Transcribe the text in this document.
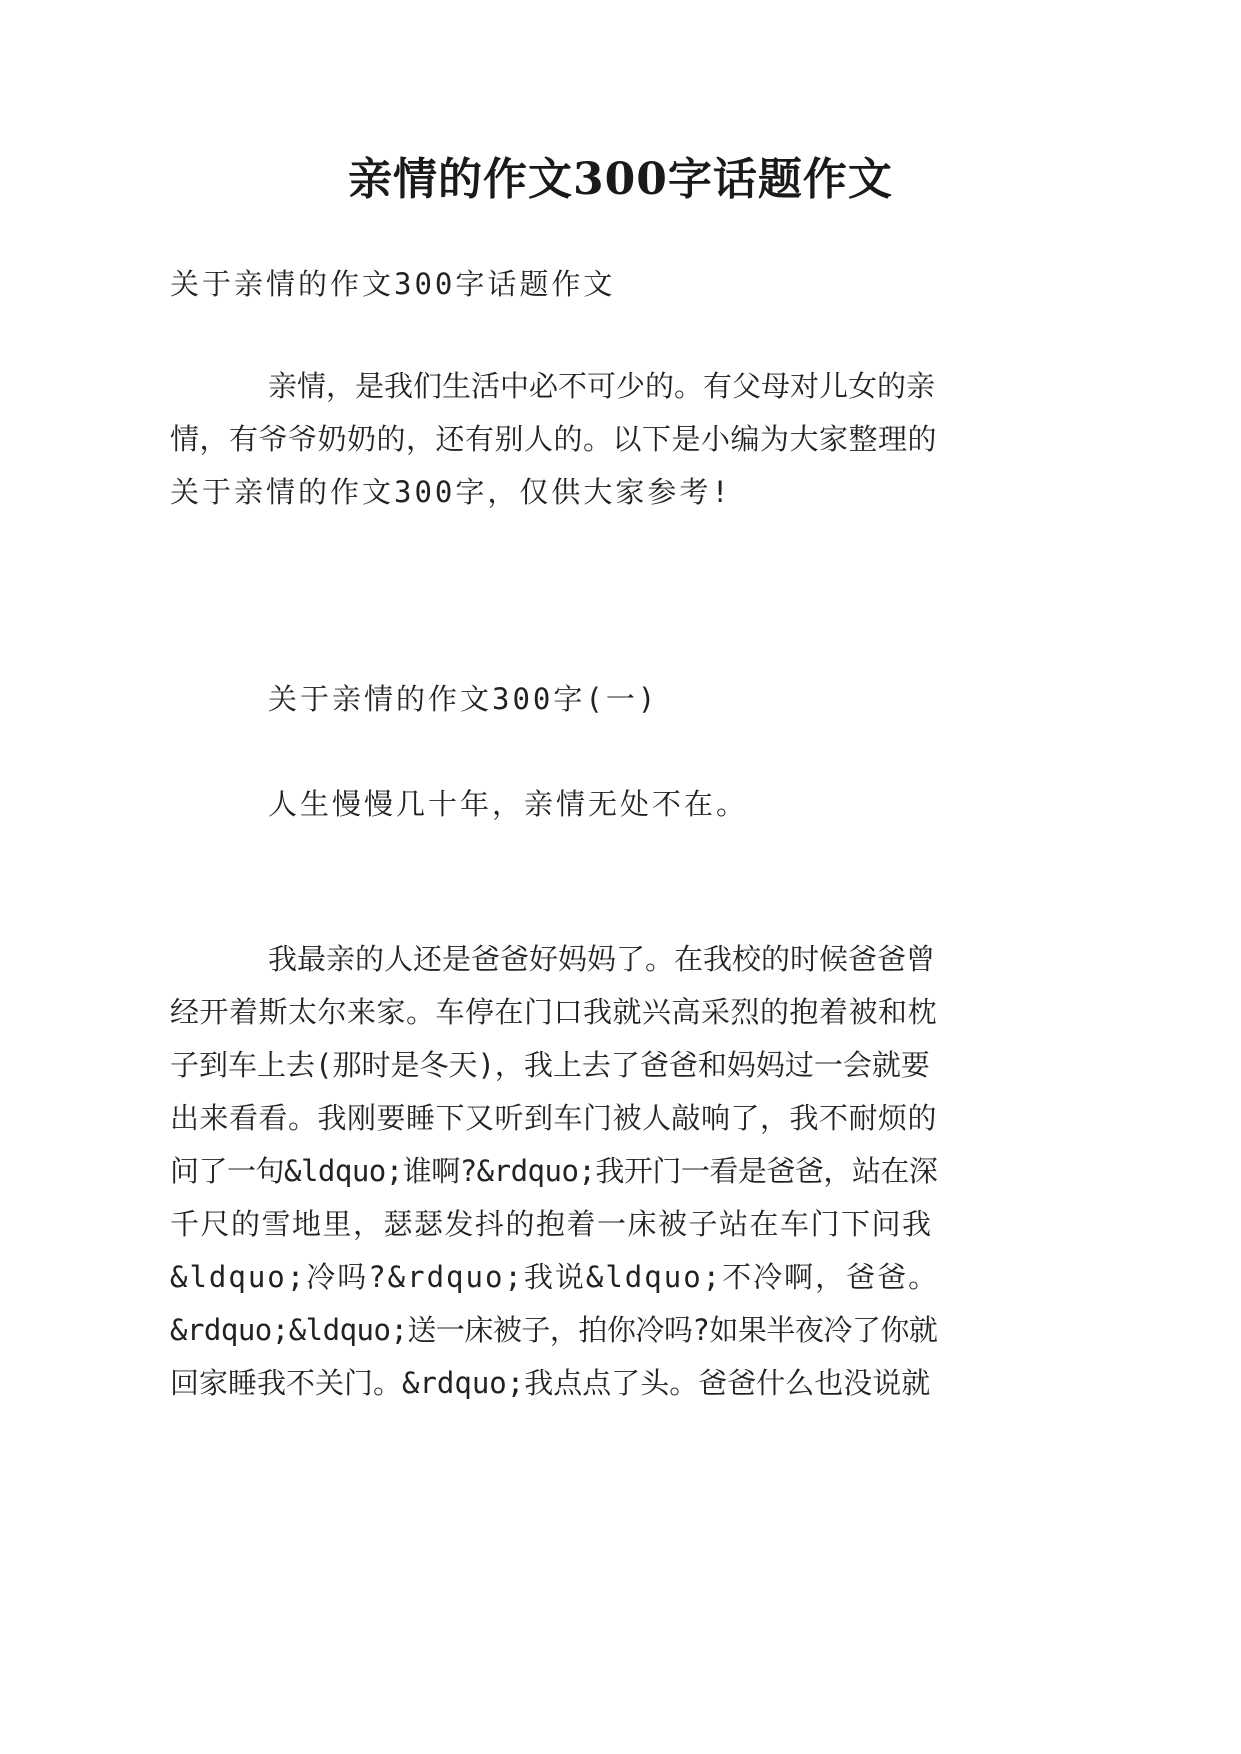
亲情的作文300字话题作文
关于亲情的作文300字话题作文
亲情，是我们生活中必不可少的。有父母对儿女的亲
情，有爷爷奶奶的，还有别人的。以下是小编为大家整理的
关于亲情的作文300字，仅供大家参考!
关于亲情的作文300字(一)
人生慢慢几十年，亲情无处不在。
我最亲的人还是爸爸好妈妈了。在我校的时候爸爸曾
经开着斯太尔来家。车停在门口我就兴高采烈的抱着被和枕
子到车上去(那时是冬天)，我上去了爸爸和妈妈过一会就要
出来看看。我刚要睡下又听到车门被人敲响了，我不耐烦的
问了一句&ldquo;谁啊?&rdquo;我开门一看是爸爸，站在深
千尺的雪地里，瑟瑟发抖的抱着一床被子站在车门下问我
&ldquo;冷吗?&rdquo;我说&ldquo;不冷啊，爸爸。
&rdquo;&ldquo;送一床被子，拍你冷吗?如果半夜冷了你就
回家睡我不关门。&rdquo;我点点了头。爸爸什么也没说就
